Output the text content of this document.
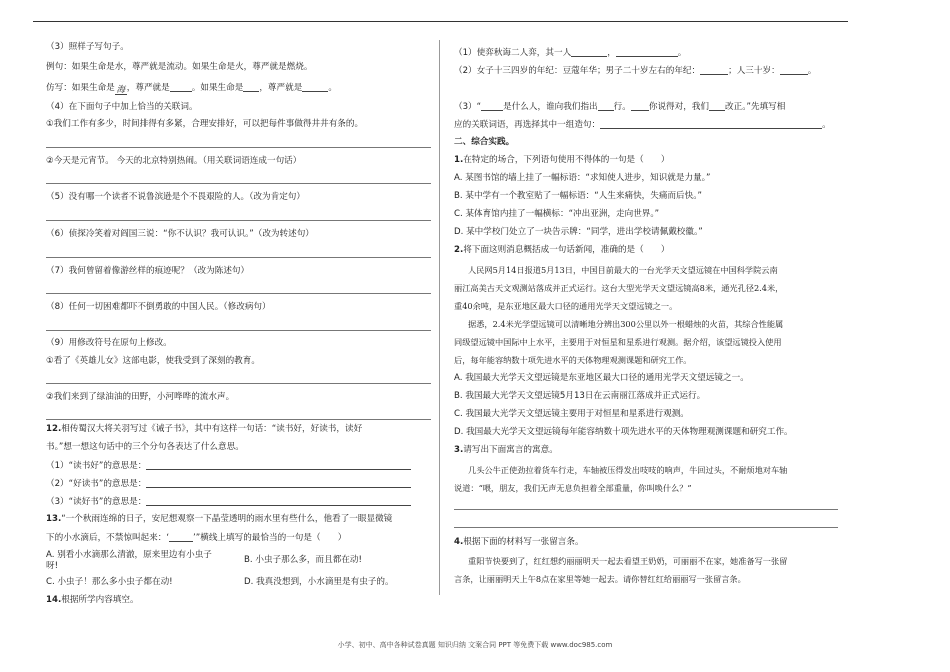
（3）照样子写句子。
例句：如果生命是水，尊严就是流动。如果生命是火，尊严就是燃烧。
仿写：如果生命是 海 ，尊严就是	。如果生命是 ，尊严就是	。
（4）在下面句子中加上恰当的关联词。
①我们工作有多少，时间排得有多紧，合理安排好，可以把每件事做得井井有条的。
②今天是元宵节。 今天的北京特别热闹。（用关联词语连成一句话）
（5）没有哪一个读者不说鲁滨逊是个不畏艰险的人。（改为肯定句）
（6）侦探冷笑着对阎国三说：“你不认识？我可认识。”（改为转述句）
（7）我何曾留着像游丝样的痕迹呢？（改为陈述句）
（8）任何一切困难都吓不倒勇敢的中国人民。（修改病句）
（9）用修改符号在原句上修改。
①看了《英雄儿女》这部电影，使我受到了深刻的教育。
②我们来到了绿油油的田野，小河哗哗的流水声。
12.相传蜀汉大将关羽写过《诫子书》，其中有这样一句话：“读书好，好读书，读好
书。”想一想这句话中的三个分句各表达了什么意思。
（1）“读书好”的意思是：
（2）“好读书”的意思是：
（3）“读好书”的意思是：
13.“一个秋雨连绵的日子，安尼想观察一下晶莹透明的雨水里有些什么，他看了一眼显微镜
下的小水滴后，不禁惊叫起来：‘	’”横线上填写的最恰当的一句是（　　）
A. 别看小水滴那么清澈，原来里边有小虫子
呀!
B. 小虫子那么多，而且都在动!
C. 小虫子！那么多小虫子都在动!	D. 我真没想到，小水滴里是有虫子的。
14.根据所学内容填空。
（1）使弈秋诲二人弈，其一人	，	。
（2）女子十三四岁的年纪：豆蔻年华；男子二十岁左右的年纪：	；人三十岁：	。
（3）“	是什么人，谁向我们指出 行。 你说得对，我们 改正。”先填写相
应的关联词语，再选择其中一组造句：	。
二、综合实践。
1.在特定的场合，下列语句使用不得体的一句是（　　）
A. 某图书馆的墙上挂了一幅标语：“求知使人进步，知识就是力量。”
B. 某中学有一个教室贴了一幅标语：“人生来痛快，失痛而后快。”
C. 某体育馆内挂了一幅横标：“冲出亚洲，走向世界。”
D. 某中学校门处立了一块告示牌：“同学，进出学校请佩戴校徽。”
2.将下面这则消息概括成一句话新闻，准确的是（　　）
人民网5月14日报道5月13日，中国目前最大的一台光学天文望远镜在中国科学院云南
丽江高美古天文观测站落成并正式运行。这台大型光学天文望远镜高8米，通光孔径2.4米，
重40余吨，是东亚地区最大口径的通用光学天文望远镜之一。
据悉，2.4米光学望远镜可以清晰地分辨出300公里以外一根蜡烛的火苗，其综合性能属
同级望远镜中国际中上水平，主要用于对恒星和星系进行观测。据介绍，该望远镜投入使用
后，每年能容纳数十项先进水平的天体物理观测课题和研究工作。
A. 我国最大光学天文望远镜是东亚地区最大口径的通用光学天文望远镜之一。
B. 我国最大光学天文望远镜5月13日在云南丽江落成并正式运行。
C. 我国最大光学天文望远镜主要用于对恒星和星系进行观测。
D. 我国最大光学天文望远镜每年能容纳数十项先进水平的天体物理观测课题和研究工作。
3.请写出下面寓言的寓意。
几头公牛正使劲拉着货车行走，车轴被压得发出吱吱的响声，牛回过头，不耐烦地对车轴
说道：“喂，朋友，我们无声无息负担着全部重量，你叫唤什么？”
4.根据下面的材料写一张留言条。
重阳节快要到了，红红想约丽丽明天一起去看望王奶奶，可丽丽不在家，她准备写一张留
言条，让丽丽明天上午8点在家里等她一起去。请你替红红给丽丽写一张留言条。
小学、初中、高中各种试卷真题 知识归纳 文案合同 PPT 等免费下载 www.doc985.com
